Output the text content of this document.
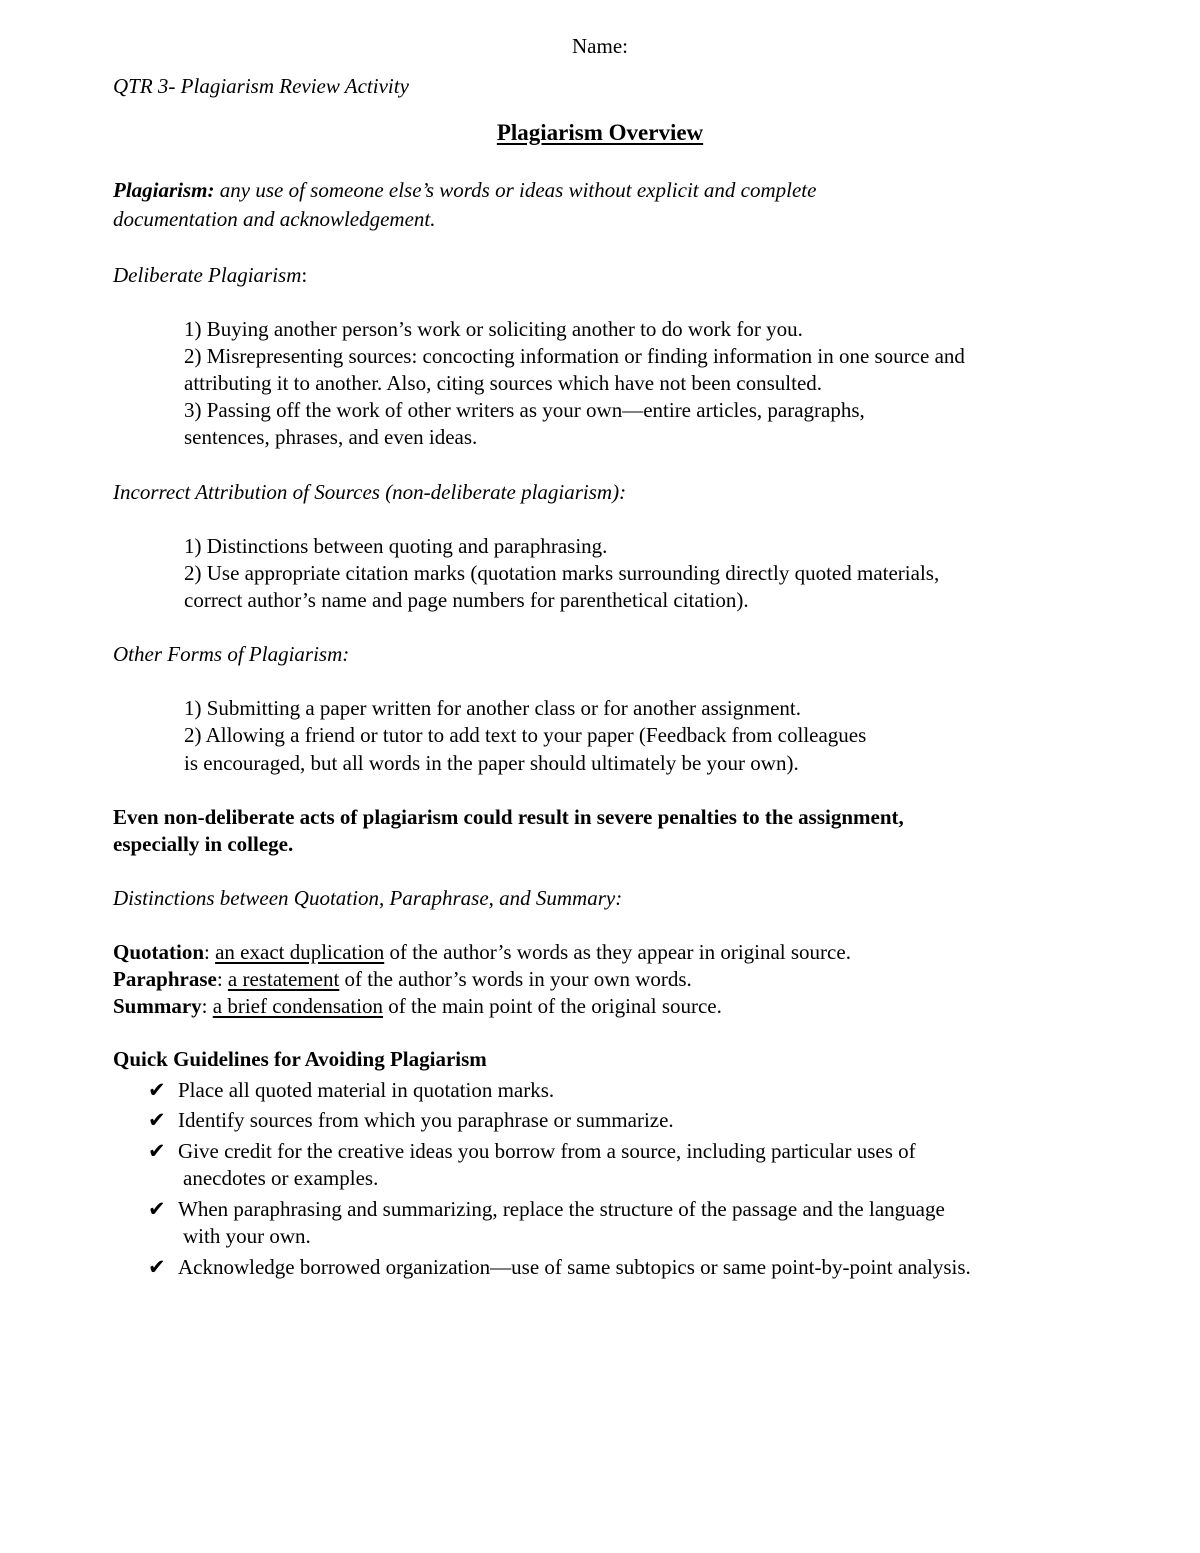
Name:
QTR 3- Plagiarism Review Activity
Plagiarism Overview
Plagiarism: any use of someone else’s words or ideas without explicit and complete
documentation and acknowledgement.
Deliberate Plagiarism:
1) Buying another person’s work or soliciting another to do work for you.
2) Misrepresenting sources: concocting information or finding information in one source and
attributing it to another. Also, citing sources which have not been consulted.
3) Passing off the work of other writers as your own—entire articles, paragraphs,
sentences, phrases, and even ideas.
Incorrect Attribution of Sources (non-deliberate plagiarism):
1) Distinctions between quoting and paraphrasing.
2) Use appropriate citation marks (quotation marks surrounding directly quoted materials,
correct author’s name and page numbers for parenthetical citation).
Other Forms of Plagiarism:
1) Submitting a paper written for another class or for another assignment.
2) Allowing a friend or tutor to add text to your paper (Feedback from colleagues
is encouraged, but all words in the paper should ultimately be your own).
Even non-deliberate acts of plagiarism could result in severe penalties to the assignment,
especially in college.
Distinctions between Quotation, Paraphrase, and Summary:
Quotation: an exact duplication of the author’s words as they appear in original source.
Paraphrase: a restatement of the author’s words in your own words.
Summary: a brief condensation of the main point of the original source.
Quick Guidelines for Avoiding Plagiarism
✔ Place all quoted material in quotation marks.
✔ Identify sources from which you paraphrase or summarize.
✔ Give credit for the creative ideas you borrow from a source, including particular uses of
anecdotes or examples.
✔ When paraphrasing and summarizing, replace the structure of the passage and the language
with your own.
✔ Acknowledge borrowed organization—use of same subtopics or same point-by-point analysis.
